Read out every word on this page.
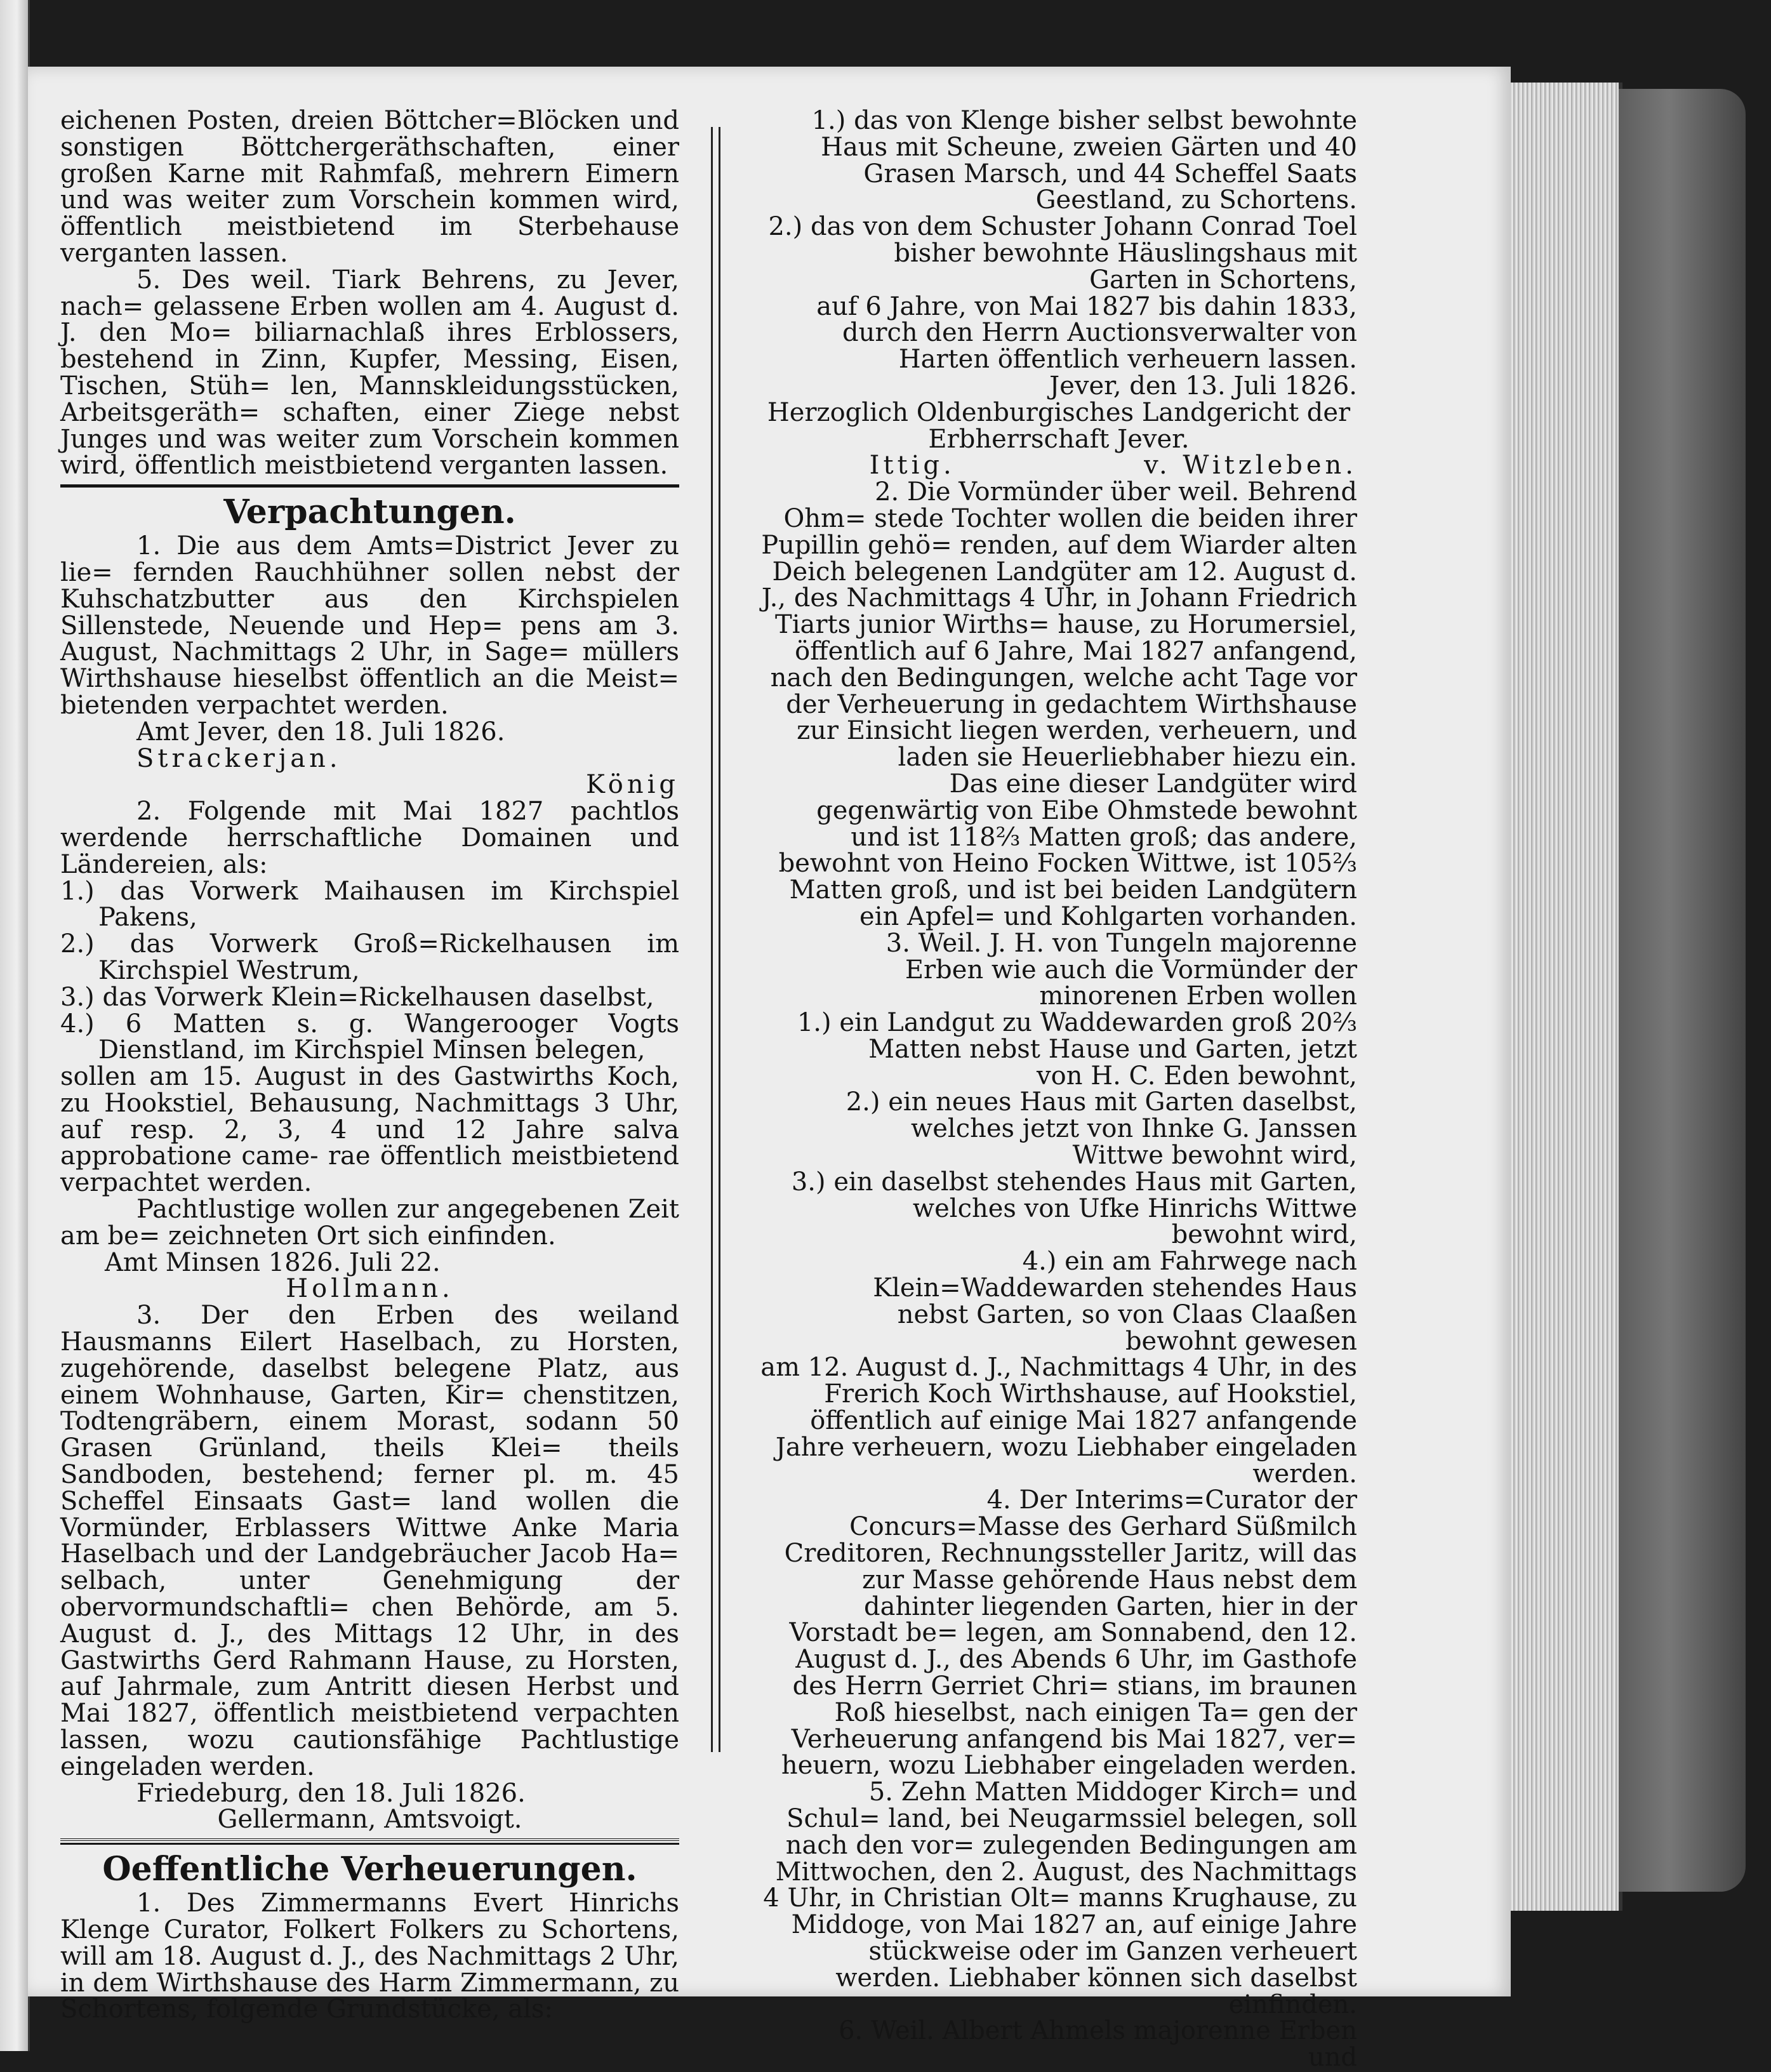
eichenen Posten, dreien Böttcher=Blöcken und sonstigen Böttchergeräthschaften, einer großen Karne mit Rahmfaß, mehrern Eimern und was weiter zum Vorschein kommen wird, öffentlich meistbietend im Sterbehause verganten lassen.

5. Des weil. Tiark Behrens, zu Jever, nach= gelassene Erben wollen am 4. August d. J. den Mo= biliarnachlaß ihres Erblossers, bestehend in Zinn, Kupfer, Messing, Eisen, Tischen, Stüh= len, Mannskleidungsstücken, Arbeitsgeräth= schaften, einer Ziege nebst Junges und was weiter zum Vorschein kommen wird, öffentlich meistbietend verganten lassen.

Verpachtungen.

1. Die aus dem Amts=District Jever zu lie= fernden Rauchhühner sollen nebst der Kuhschatzbutter aus den Kirchspielen Sillenstede, Neuende und Hep= pens am 3. August, Nachmittags 2 Uhr, in Sage= müllers Wirthshause hieselbst öffentlich an die Meist= bietenden verpachtet werden.

Amt Jever, den 18. Juli 1826.

Strackerjan.

König

2. Folgende mit Mai 1827 pachtlos werdende herrschaftliche Domainen und Ländereien, als:

1.) das Vorwerk Maihausen im Kirchspiel Pakens,

2.) das Vorwerk Groß=Rickelhausen im Kirchspiel Westrum,

3.) das Vorwerk Klein=Rickelhausen daselbst,

4.) 6 Matten s. g. Wangerooger Vogts Dienstland, im Kirchspiel Minsen belegen,

sollen am 15. August in des Gastwirths Koch, zu Hookstiel, Behausung, Nachmittags 3 Uhr, auf resp. 2, 3, 4 und 12 Jahre salva approbatione came- rae öffentlich meistbietend verpachtet werden.

Pachtlustige wollen zur angegebenen Zeit am be= zeichneten Ort sich einfinden.

Amt Minsen 1826. Juli 22.

Hollmann.

3. Der den Erben des weiland Hausmanns Eilert Haselbach, zu Horsten, zugehörende, daselbst belegene Platz, aus einem Wohnhause, Garten, Kir= chenstitzen, Todtengräbern, einem Morast, sodann 50 Grasen Grünland, theils Klei= theils Sandboden, bestehend; ferner pl. m. 45 Scheffel Einsaats Gast= land wollen die Vormünder, Erblassers Wittwe Anke Maria Haselbach und der Landgebräucher Jacob Ha= selbach, unter Genehmigung der obervormundschaftli= chen Behörde, am 5. August d. J., des Mittags 12 Uhr, in des Gastwirths Gerd Rahmann Hause, zu Horsten, auf Jahrmale, zum Antritt diesen Herbst und Mai 1827, öffentlich meistbietend verpachten lassen, wozu cautionsfähige Pachtlustige eingeladen werden.

Friedeburg, den 18. Juli 1826.

Gellermann, Amtsvoigt.

Oeffentliche Verheuerungen.

1. Des Zimmermanns Evert Hinrichs Klenge Curator, Folkert Folkers zu Schortens, will am 18. August d. J., des Nachmittags 2 Uhr, in dem Wirthshause des Harm Zimmermann, zu Schortens, folgende Grundstücke, als:

1.) das von Klenge bisher selbst bewohnte Haus mit Scheune, zweien Gärten und 40 Grasen Marsch, und 44 Scheffel Saats Geestland, zu Schortens.

2.) das von dem Schuster Johann Conrad Toel bisher bewohnte Häuslingshaus mit Garten in Schortens,

auf 6 Jahre, von Mai 1827 bis dahin 1833, durch den Herrn Auctionsverwalter von Harten öffentlich verheuern lassen.

Jever, den 13. Juli 1826.

Herzoglich Oldenburgisches Landgericht der
Erbherrschaft Jever.

Ittig.	v. Witzleben.

2. Die Vormünder über weil. Behrend Ohm= stede Tochter wollen die beiden ihrer Pupillin gehö= renden, auf dem Wiarder alten Deich belegenen Landgüter am 12. August d. J., des Nachmittags 4 Uhr, in Johann Friedrich Tiarts junior Wirths= hause, zu Horumersiel, öffentlich auf 6 Jahre, Mai 1827 anfangend, nach den Bedingungen, welche acht Tage vor der Verheuerung in gedachtem Wirthshause zur Einsicht liegen werden, verheuern, und laden sie Heuerliebhaber hiezu ein.

Das eine dieser Landgüter wird gegenwärtig von Eibe Ohmstede bewohnt und ist 118⅔ Matten groß; das andere, bewohnt von Heino Focken Wittwe, ist 105⅔ Matten groß, und ist bei beiden Landgütern ein Apfel= und Kohlgarten vorhanden.

3. Weil. J. H. von Tungeln majorenne Erben wie auch die Vormünder der minorenen Erben wollen

1.) ein Landgut zu Waddewarden groß 20⅔ Matten nebst Hause und Garten, jetzt von H. C. Eden bewohnt,

2.) ein neues Haus mit Garten daselbst, welches jetzt von Ihnke G. Janssen Wittwe bewohnt wird,

3.) ein daselbst stehendes Haus mit Garten, welches von Ufke Hinrichs Wittwe bewohnt wird,

4.) ein am Fahrwege nach Klein=Waddewarden stehendes Haus nebst Garten, so von Claas Claaßen bewohnt gewesen

am 12. August d. J., Nachmittags 4 Uhr, in des Frerich Koch Wirthshause, auf Hookstiel, öffentlich auf einige Mai 1827 anfangende Jahre verheuern, wozu Liebhaber eingeladen werden.

4. Der Interims=Curator der Concurs=Masse des Gerhard Süßmilch Creditoren, Rechnungssteller Jaritz, will das zur Masse gehörende Haus nebst dem dahinter liegenden Garten, hier in der Vorstadt be= legen, am Sonnabend, den 12. August d. J., des Abends 6 Uhr, im Gasthofe des Herrn Gerriet Chri= stians, im braunen Roß hieselbst, nach einigen Ta= gen der Verheuerung anfangend bis Mai 1827, ver= heuern, wozu Liebhaber eingeladen werden.

5. Zehn Matten Middoger Kirch= und Schul= land, bei Neugarmssiel belegen, soll nach den vor= zulegenden Bedingungen am Mittwochen, den 2. August, des Nachmittags 4 Uhr, in Christian Olt= manns Krughause, zu Middoge, von Mai 1827 an, auf einige Jahre stückweise oder im Ganzen verheuert werden. Liebhaber können sich daselbst einfinden.

6. Weil. Albert Ahmels majorenne Erben und
